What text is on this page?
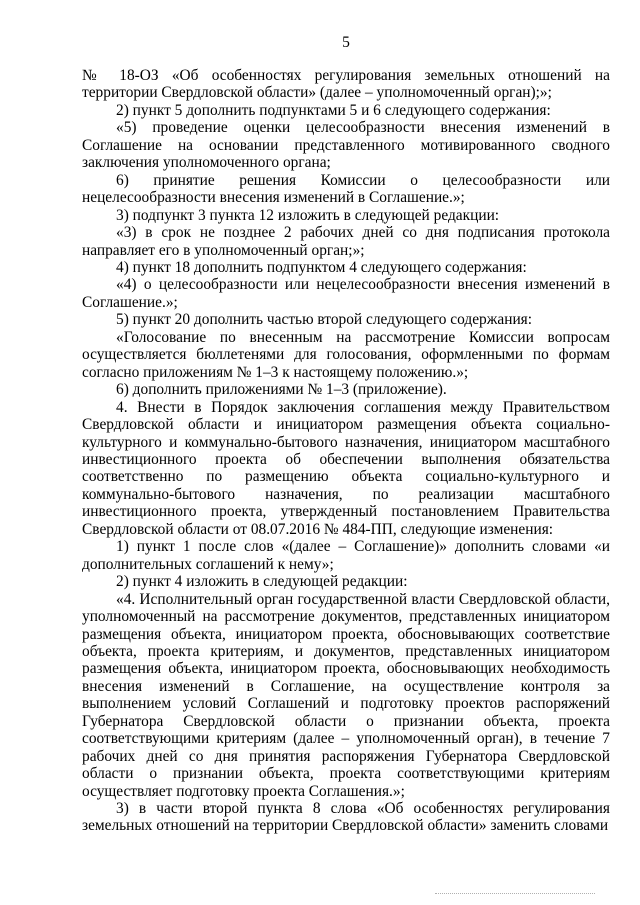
5

№ 18-ОЗ «Об особенностях регулирования земельных отношений на территории Свердловской области» (далее – уполномоченный орган);»;

2) пункт 5 дополнить подпунктами 5 и 6 следующего содержания:

«5) проведение оценки целесообразности внесения изменений в Соглашение на основании представленного мотивированного сводного заключения уполномоченного органа;

6) принятие решения Комиссии о целесообразности или нецелесообразности внесения изменений в Соглашение.»;

3) подпункт 3 пункта 12 изложить в следующей редакции:

«3) в срок не позднее 2 рабочих дней со дня подписания протокола направляет его в уполномоченный орган;»;

4) пункт 18 дополнить подпунктом 4 следующего содержания:

«4) о целесообразности или нецелесообразности внесения изменений в Соглашение.»;

5) пункт 20 дополнить частью второй следующего содержания:

«Голосование по внесенным на рассмотрение Комиссии вопросам осуществляется бюллетенями для голосования, оформленными по формам согласно приложениям № 1–3 к настоящему положению.»;

6) дополнить приложениями № 1–3 (приложение).

4. Внести в Порядок заключения соглашения между Правительством Свердловской области и инициатором размещения объекта социально-культурного и коммунально-бытового назначения, инициатором масштабного инвестиционного проекта об обеспечении выполнения обязательства соответственно по размещению объекта социально-культурного и коммунально-бытового назначения, по реализации масштабного инвестиционного проекта, утвержденный постановлением Правительства Свердловской области от 08.07.2016 № 484-ПП, следующие изменения:

1) пункт 1 после слов «(далее – Соглашение)» дополнить словами «и дополнительных соглашений к нему»;

2) пункт 4 изложить в следующей редакции:

«4. Исполнительный орган государственной власти Свердловской области, уполномоченный на рассмотрение документов, представленных инициатором размещения объекта, инициатором проекта, обосновывающих соответствие объекта, проекта критериям, и документов, представленных инициатором размещения объекта, инициатором проекта, обосновывающих необходимость внесения изменений в Соглашение, на осуществление контроля за выполнением условий Соглашений и подготовку проектов распоряжений Губернатора Свердловской области о признании объекта, проекта соответствующими критериям (далее – уполномоченный орган), в течение 7 рабочих дней со дня принятия распоряжения Губернатора Свердловской области о признании объекта, проекта соответствующими критериям осуществляет подготовку проекта Соглашения.»;

3) в части второй пункта 8 слова «Об особенностях регулирования земельных отношений на территории Свердловской области» заменить словами
